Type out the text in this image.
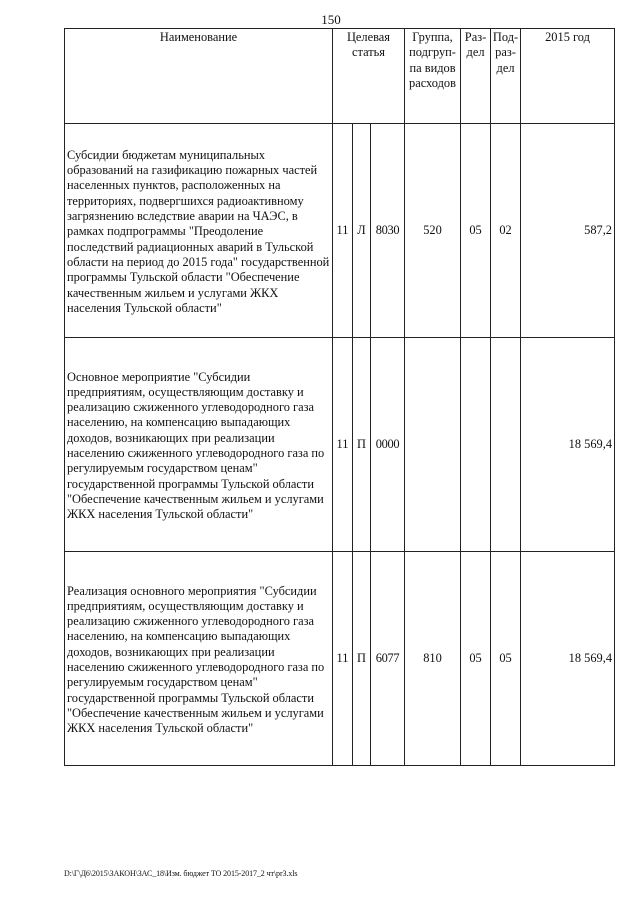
150
Наименование	Целевая статья			Группа, подгруп-па видов расходов	Раз-дел	Под-раз-дел	2015 год
Субсидии бюджетам муниципальных образований на газификацию пожарных частей населенных пунктов, расположенных на территориях, подвергшихся радиоактивному загрязнению вследствие аварии на ЧАЭС, в рамках подпрограммы "Преодоление последствий радиационных аварий в Тульской области на период до 2015 года" государственной программы Тульской области "Обеспечение качественным жильем и услугами ЖКХ населения Тульской области"	11	Л	8030	520	05	02	587,2
Основное мероприятие "Субсидии предприятиям, осуществляющим доставку и реализацию сжиженного углеводородного газа населению, на компенсацию выпадающих доходов, возникающих при реализации населению сжиженного углеводородного газа по регулируемым государством ценам" государственной программы Тульской области "Обеспечение качественным жильем и услугами ЖКХ населения Тульской области"	11	П	0000				18 569,4
Реализация основного мероприятия "Субсидии предприятиям, осуществляющим доставку и реализацию сжиженного углеводородного газа населению, на компенсацию выпадающих доходов, возникающих при реализации населению сжиженного углеводородного газа по регулируемым государством ценам" государственной программы Тульской области "Обеспечение качественным жильем и услугами ЖКХ населения Тульской области"	11	П	6077	810	05	05	18 569,4
D:\Г\Д6\2015\ЗАКОН\ЗАС_18\Изм. бюджет ТО 2015-2017_2 чт\pr3.xls
